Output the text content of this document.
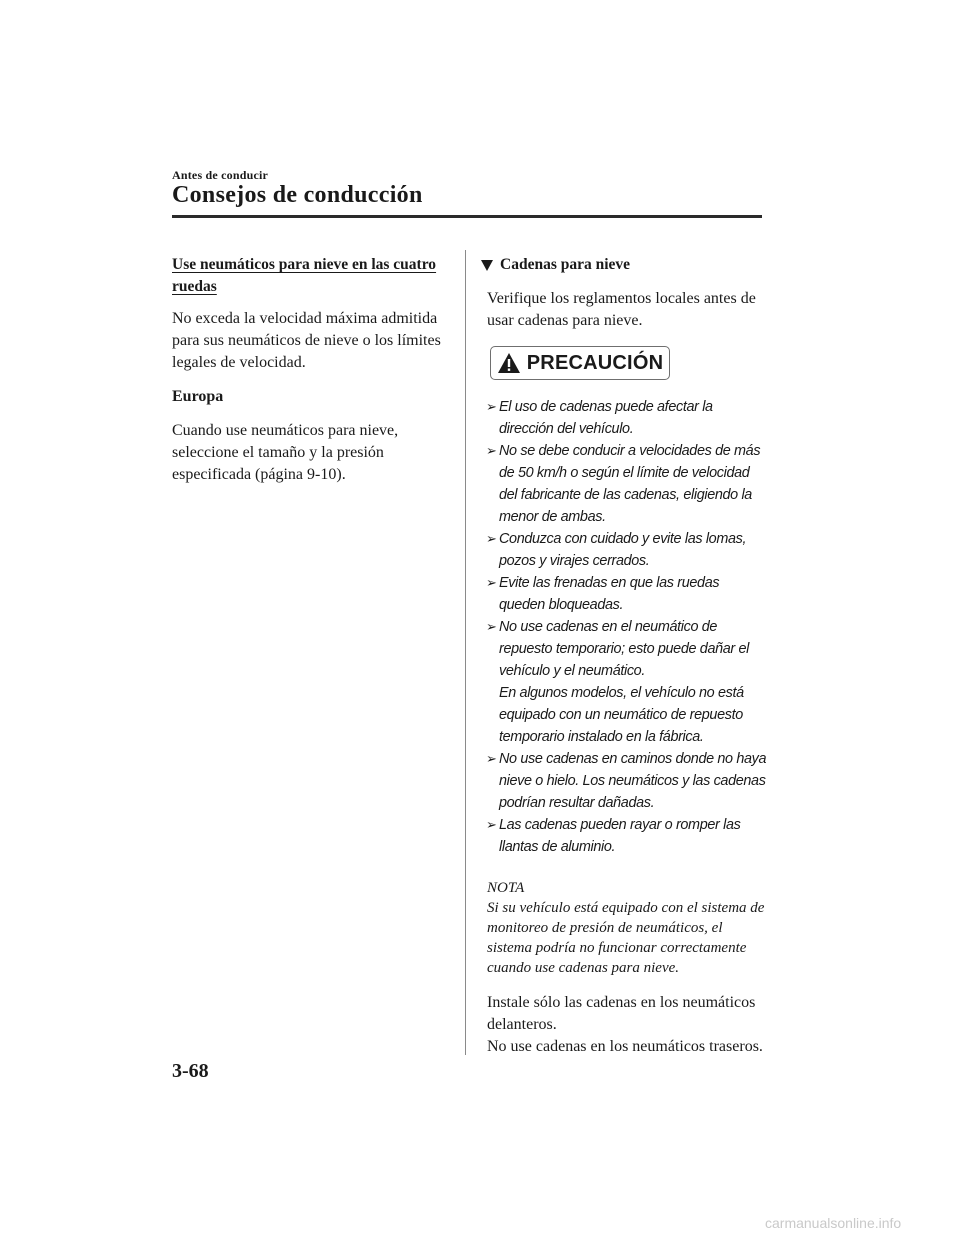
Antes de conducir
Consejos de conducción

Use neumáticos para nieve en las cuatro ruedas

No exceda la velocidad máxima admitida para sus neumáticos de nieve o los límites legales de velocidad.

Europa

Cuando use neumáticos para nieve, seleccione el tamaño y la presión especificada (página 9-10).

Cadenas para nieve

Verifique los reglamentos locales antes de usar cadenas para nieve.

PRECAUCIÓN
➢ El uso de cadenas puede afectar la dirección del vehículo.
➢ No se debe conducir a velocidades de más de 50 km/h o según el límite de velocidad del fabricante de las cadenas, eligiendo la menor de ambas.
➢ Conduzca con cuidado y evite las lomas, pozos y virajes cerrados.
➢ Evite las frenadas en que las ruedas queden bloqueadas.
➢ No use cadenas en el neumático de repuesto temporario; esto puede dañar el vehículo y el neumático.
En algunos modelos, el vehículo no está equipado con un neumático de repuesto temporario instalado en la fábrica.
➢ No use cadenas en caminos donde no haya nieve o hielo. Los neumáticos y las cadenas podrían resultar dañadas.
➢ Las cadenas pueden rayar o romper las llantas de aluminio.

NOTA

Si su vehículo está equipado con el sistema de monitoreo de presión de neumáticos, el sistema podría no funcionar correctamente cuando use cadenas para nieve.

Instale sólo las cadenas en los neumáticos delanteros.
No use cadenas en los neumáticos traseros.

3-68
carmanualsonline.info
